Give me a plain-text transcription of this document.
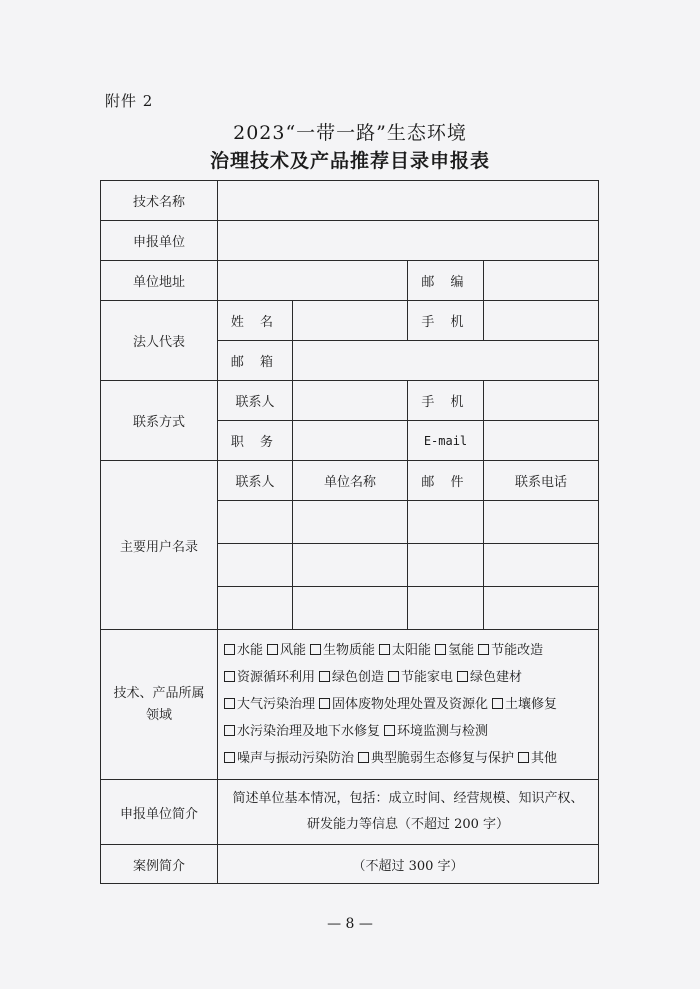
附件 2
2023“一带一路”生态环境
治理技术及产品推荐目录申报表
技术名称				
申报单位				
单位地址			邮 编	
法人代表	姓 名		手 机	
	邮 箱			
联系方式	联系人		手 机	
	职 务		E-mail	
主要用户名录	联系人	单位名称	邮 件	联系电话

技术、产品所属
领域	水能 风能 生物质能 太阳能 氢能 节能改造
资源循环利用 绿色创造 节能家电 绿色建材
大气污染治理 固体废物处理处置及资源化 土壤修复
水污染治理及地下水修复 环境监测与检测
噪声与振动污染防治 典型脆弱生态修复与保护 其他			

申报单位简介	简述单位基本情况，包括：成立时间、经营规模、知识产权、
研发能力等信息（不超过 200 字）			

案例简介	（不超过 300 字）			
— 8 —
